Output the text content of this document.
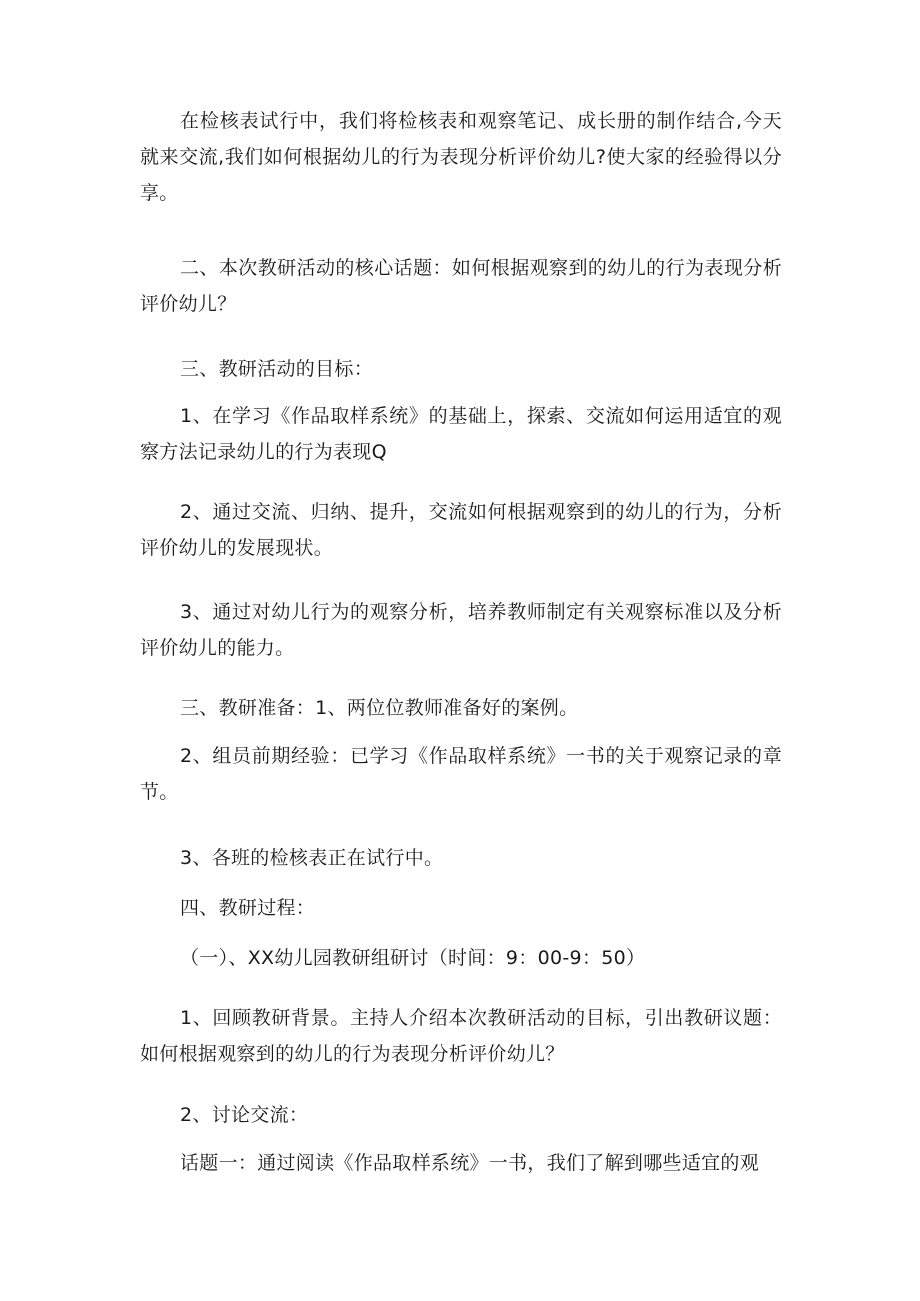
在检核表试行中，我们将检核表和观察笔记、成长册的制作结合,今天就来交流,我们如何根据幼儿的行为表现分析评价幼儿?使大家的经验得以分享。

二、本次教研活动的核心话题：如何根据观察到的幼儿的行为表现分析评价幼儿？

三、教研活动的目标：

1、在学习《作品取样系统》的基础上，探索、交流如何运用适宜的观察方法记录幼儿的行为表现Q

2、通过交流、归纳、提升，交流如何根据观察到的幼儿的行为，分析评价幼儿的发展现状。

3、通过对幼儿行为的观察分析，培养教师制定有关观察标准以及分析评价幼儿的能力。

三、教研准备：1、两位位教师准备好的案例。

2、组员前期经验：已学习《作品取样系统》一书的关于观察记录的章节。

3、各班的检核表正在试行中。

四、教研过程：

（一）、XX幼儿园教研组研讨（时间：9：00-9：50）

1、回顾教研背景。主持人介绍本次教研活动的目标，引出教研议题：如何根据观察到的幼儿的行为表现分析评价幼儿？

2、讨论交流：

话题一：通过阅读《作品取样系统》一书，我们了解到哪些适宜的观
